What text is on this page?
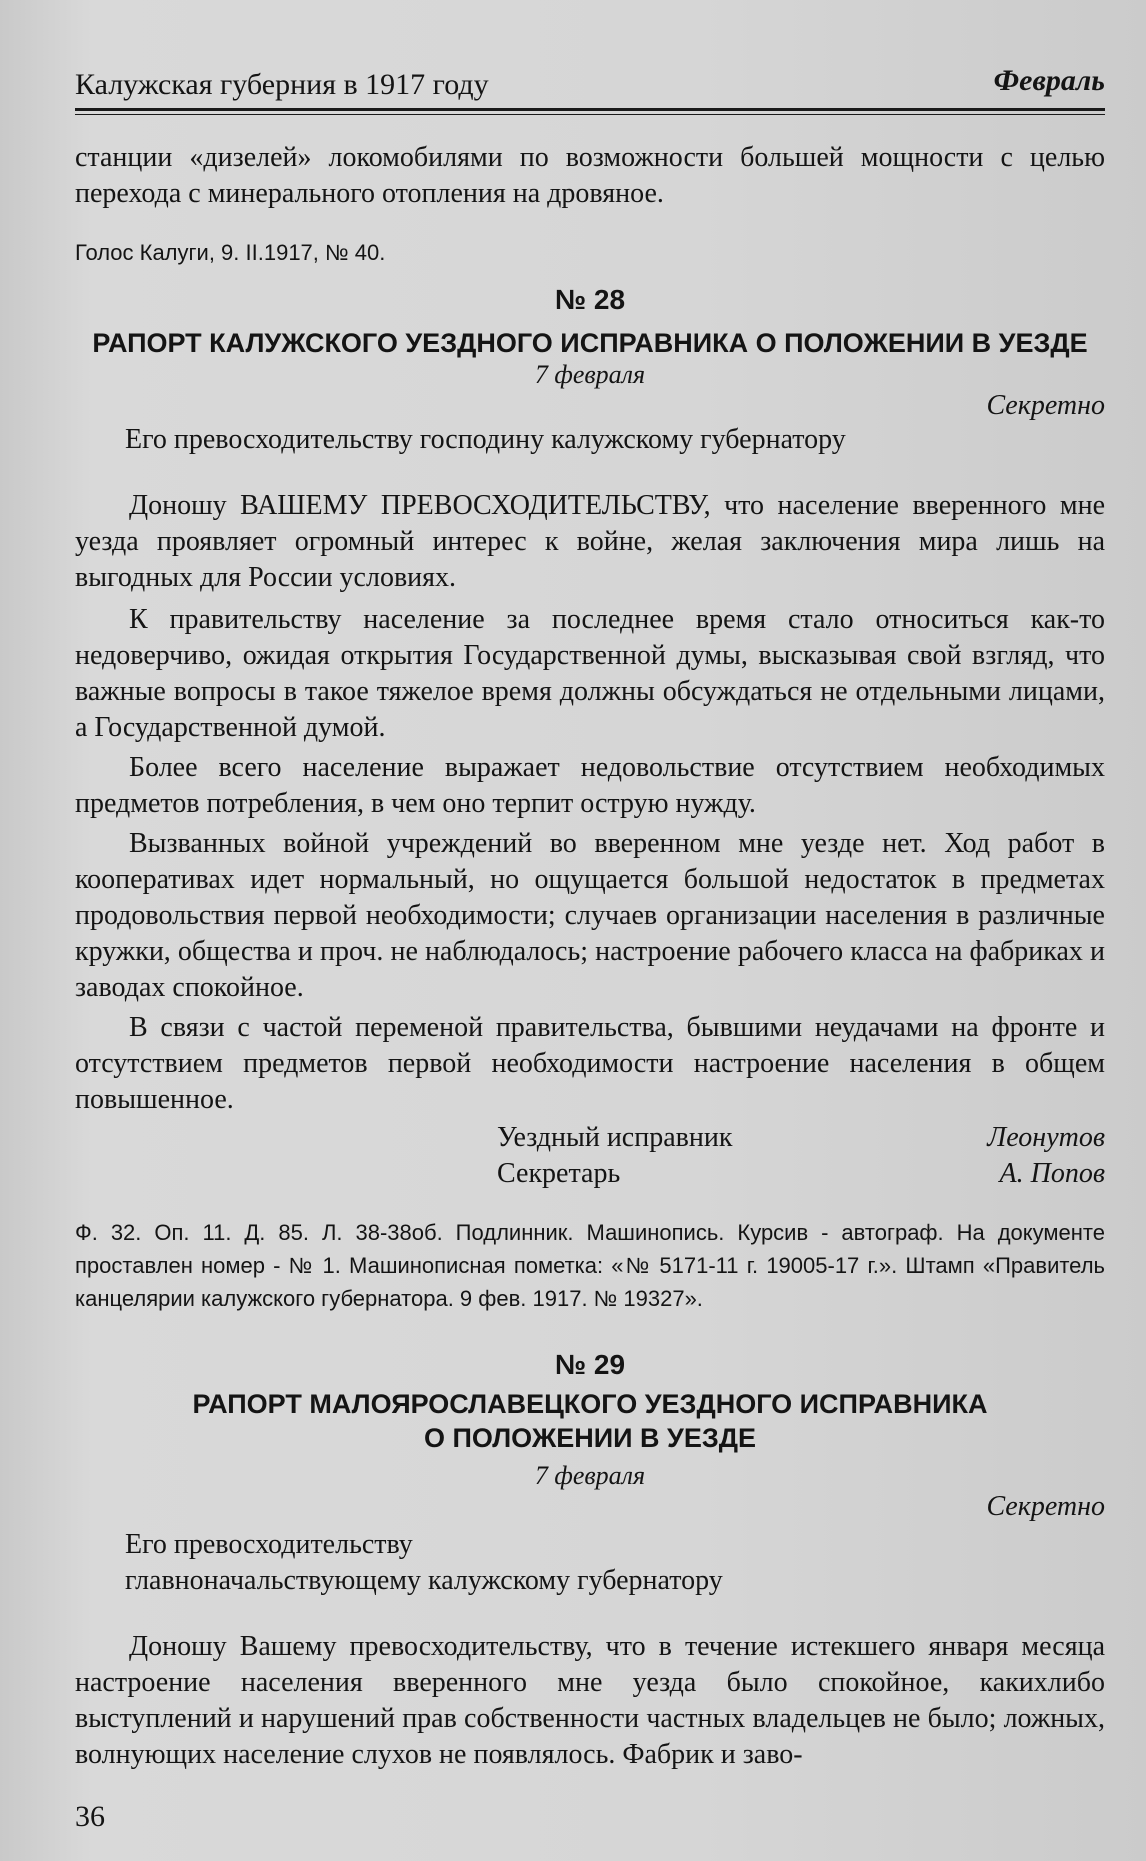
Калужская губерния в 1917 году	Февраль

станции «дизелей» локомобилями по возможности большей мощности с целью перехода с минерального отопления на дровяное.

Голос Калуги, 9. II.1917, № 40.

№ 28

РАПОРТ КАЛУЖСКОГО УЕЗДНОГО ИСПРАВНИКА О ПОЛОЖЕНИИ В УЕЗДЕ

7 февраля

Секретно

Его превосходительству господину калужскому губернатору

Доношу ВАШЕМУ ПРЕВОСХОДИТЕЛЬСТВУ, что население вверенного мне уезда проявляет огромный интерес к войне, желая заключения мира лишь на выгодных для России условиях.

К правительству население за последнее время стало относиться как-то недоверчиво, ожидая открытия Государственной думы, высказывая свой взгляд, что важные вопросы в такое тяжелое время должны обсуждаться не отдельными лицами, а Государственной думой.

Более всего население выражает недовольствие отсутствием необходимых предметов потребления, в чем оно терпит острую нужду.

Вызванных войной учреждений во вверенном мне уезде нет. Ход работ в кооперативах идет нормальный, но ощущается большой недостаток в предметах продовольствия первой необходимости; случаев организации населения в различные кружки, общества и проч. не наблюдалось; настроение рабочего класса на фабриках и заводах спокойное.

В связи с частой переменой правительства, бывшими неудачами на фронте и отсутствием предметов первой необходимости настроение населения в общем повышенное.

Уездный исправник	Леонутов
Секретарь	А. Попов

Ф. 32. Оп. 11. Д. 85. Л. 38-38об. Подлинник. Машинопись. Курсив - автограф. На документе проставлен номер - № 1. Машинописная пометка: «№ 5171-11 г. 19005-17 г.». Штамп «Правитель канцелярии калужского губернатора. 9 фев. 1917. № 19327».

№ 29

РАПОРТ МАЛОЯРОСЛАВЕЦКОГО УЕЗДНОГО ИСПРАВНИКА
О ПОЛОЖЕНИИ В УЕЗДЕ

7 февраля

Секретно

Его превосходительству
главноначальствующему калужскому губернатору

Доношу Вашему превосходительству, что в течение истекшего января месяца настроение населения вверенного мне уезда было спокойное, какихлибо выступлений и нарушений прав собственности частных владельцев не было; ложных, волнующих население слухов не появлялось. Фабрик и заво-

36
